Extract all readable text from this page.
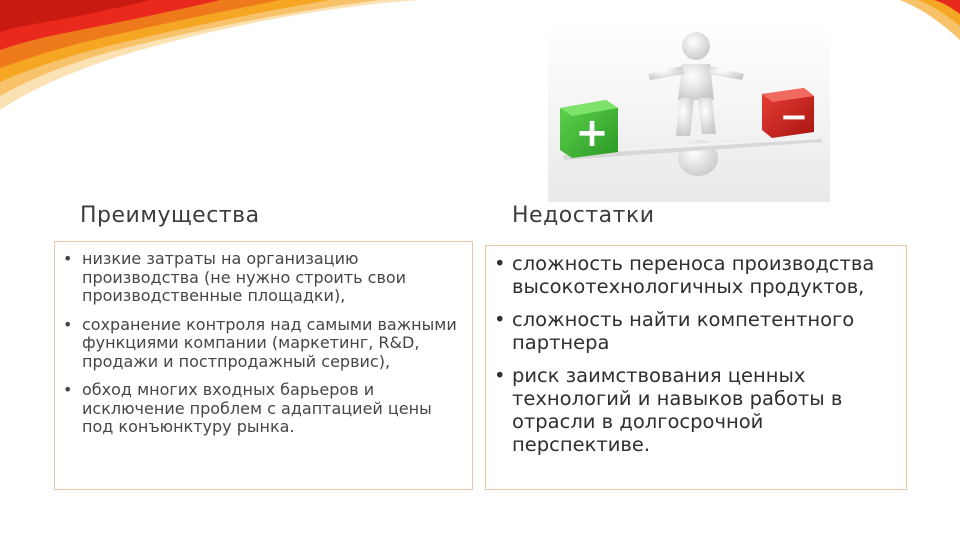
+	−
Преимущества	Недостатки
• низкие затраты на организацию производства (не нужно строить свои производственные площадки),
• сохранение контроля над самыми важными функциями компании (маркетинг, R&D, продажи и постпродажный сервис),
• обход многих входных барьеров и исключение проблем с адаптацией цены под конъюнктуру рынка.
• сложность переноса производства высокотехнологичных продуктов,
• сложность найти компетентного партнера
• риск заимствования ценных технологий и навыков работы в отрасли в долгосрочной перспективе.
